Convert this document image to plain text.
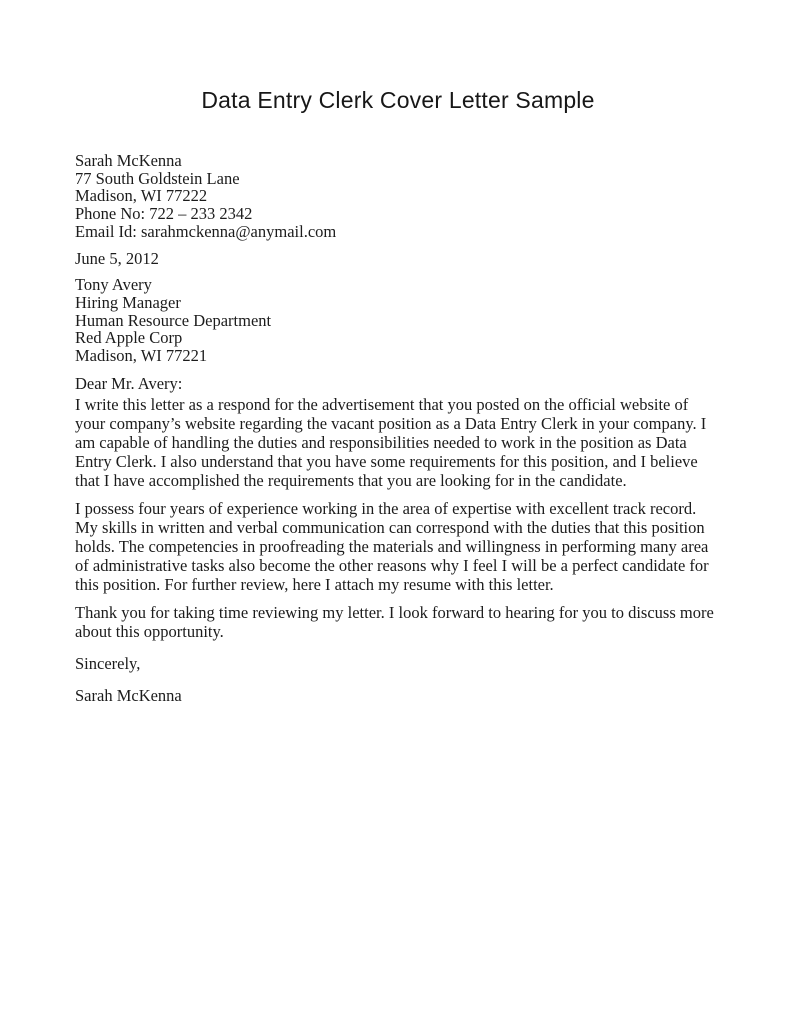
Data Entry Clerk Cover Letter Sample
Sarah McKenna
77 South Goldstein Lane
Madison, WI 77222
Phone No: 722 – 233 2342
Email Id: sarahmckenna@anymail.com
June 5, 2012
Tony Avery
Hiring Manager
Human Resource Department
Red Apple Corp
Madison, WI 77221
Dear Mr. Avery:

I write this letter as a respond for the advertisement that you posted on the official website of your company’s website regarding the vacant position as a Data Entry Clerk in your company. I am capable of handling the duties and responsibilities needed to work in the position as Data Entry Clerk. I also understand that you have some requirements for this position, and I believe that I have accomplished the requirements that you are looking for in the candidate.

I possess four years of experience working in the area of expertise with excellent track record. My skills in written and verbal communication can correspond with the duties that this position holds. The competencies in proofreading the materials and willingness in performing many area of administrative tasks also become the other reasons why I feel I will be a perfect candidate for this position. For further review, here I attach my resume with this letter.

Thank you for taking time reviewing my letter. I look forward to hearing for you to discuss more about this opportunity.

Sincerely,
Sarah McKenna
